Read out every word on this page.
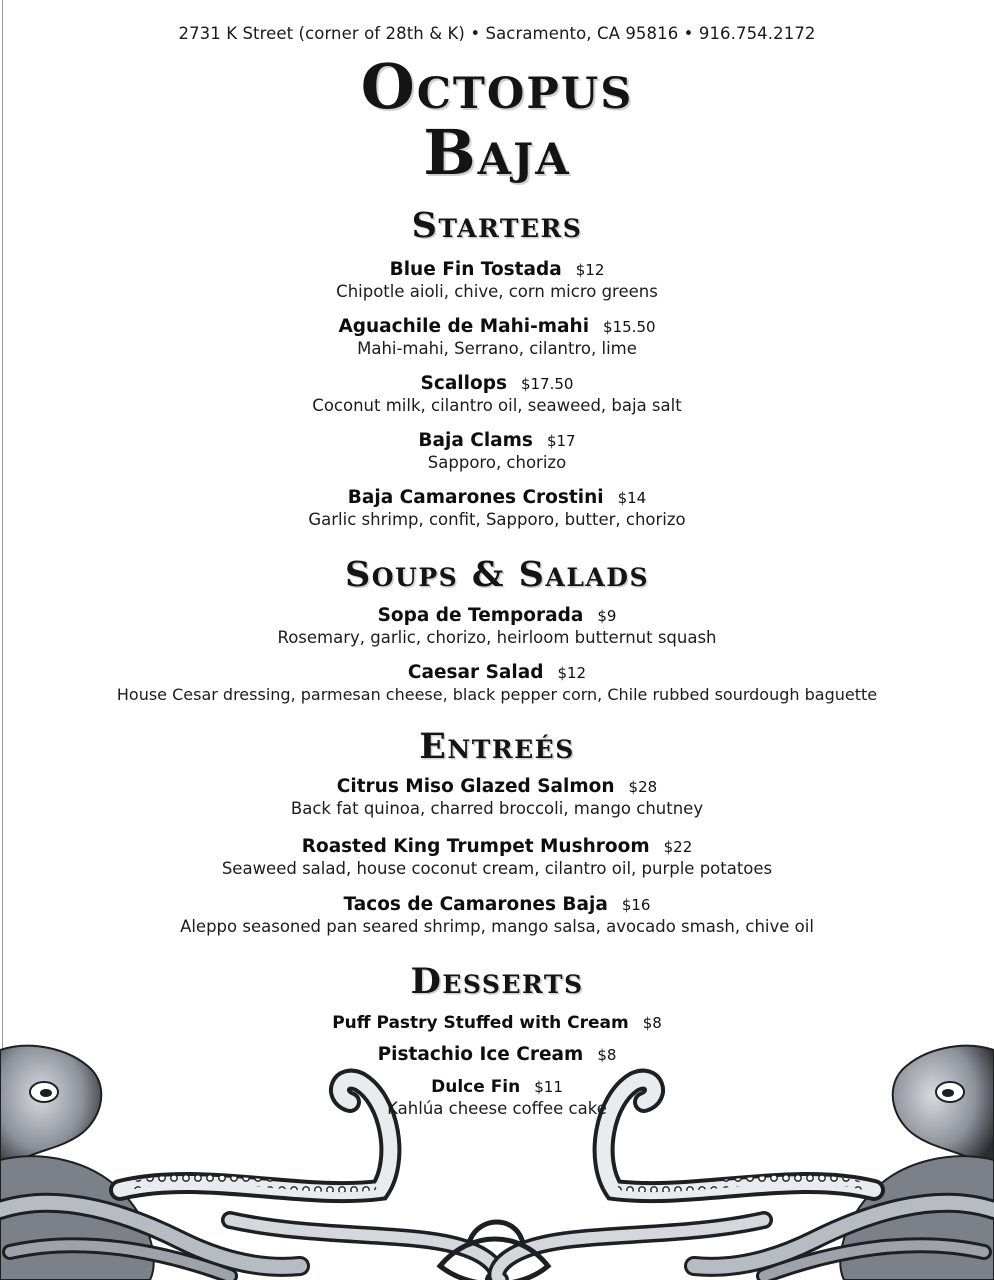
2731 K Street (corner of 28th & K) • Sacramento, CA 95816 • 916.754.2172
Octopus
Baja
Starters
Blue Fin Tostada $12
Chipotle aioli, chive, corn micro greens
Aguachile de Mahi-mahi $15.50
Mahi-mahi, Serrano, cilantro, lime
Scallops $17.50
Coconut milk, cilantro oil, seaweed, baja salt
Baja Clams $17
Sapporo, chorizo
Baja Camarones Crostini $14
Garlic shrimp, confit, Sapporo, butter, chorizo
Soups & Salads
Sopa de Temporada $9
Rosemary, garlic, chorizo, heirloom butternut squash
Caesar Salad $12
House Cesar dressing, parmesan cheese, black pepper corn, Chile rubbed sourdough baguette
Entreés
Citrus Miso Glazed Salmon $28
Back fat quinoa, charred broccoli, mango chutney
Roasted King Trumpet Mushroom $22
Seaweed salad, house coconut cream, cilantro oil, purple potatoes
Tacos de Camarones Baja $16
Aleppo seasoned pan seared shrimp, mango salsa, avocado smash, chive oil
Desserts
Puff Pastry Stuffed with Cream $8
Pistachio Ice Cream $8
Dulce Fin $11
Kahlúa cheese coffee cake
